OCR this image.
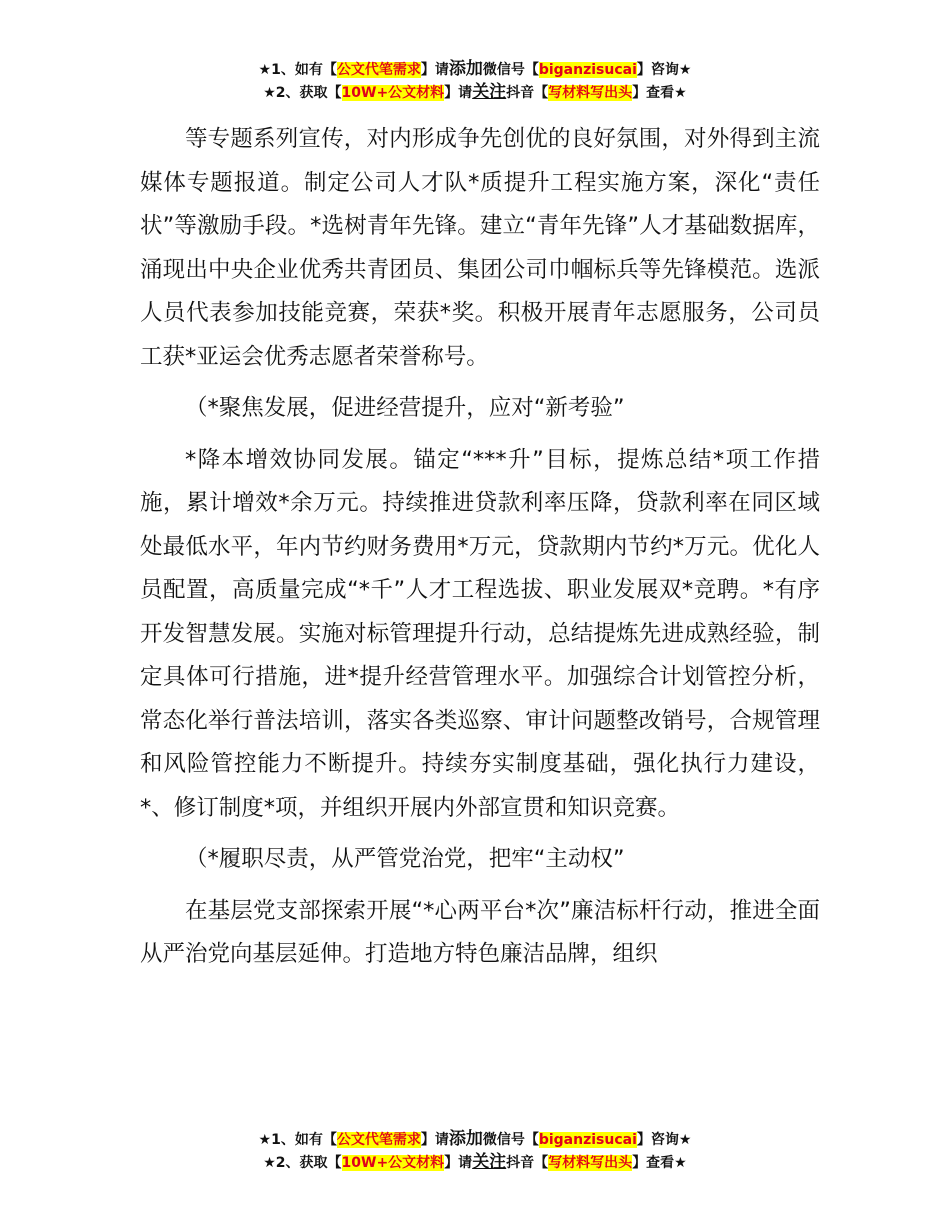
★1、如有【公文代笔需求】请添加微信号【biganzisucai】咨询★
★2、获取【10W+公文材料】请关注抖音【写材料写出头】查看★

等专题系列宣传，对内形成争先创优的良好氛围，对外得到主流媒体专题报道。制定公司人才队*质提升工程实施方案，深化“责任状”等激励手段。*选树青年先锋。建立“青年先锋”人才基础数据库，涌现出中央企业优秀共青团员、集团公司巾帼标兵等先锋模范。选派人员代表参加技能竞赛，荣获*奖。积极开展青年志愿服务，公司员工获*亚运会优秀志愿者荣誉称号。

（*聚焦发展，促进经营提升，应对“新考验”

*降本增效协同发展。锚定“***升”目标，提炼总结*项工作措施，累计增效*余万元。持续推进贷款利率压降，贷款利率在同区域处最低水平，年内节约财务费用*万元，贷款期内节约*万元。优化人员配置，高质量完成“*千”人才工程选拔、职业发展双*竞聘。*有序开发智慧发展。实施对标管理提升行动，总结提炼先进成熟经验，制定具体可行措施，进*提升经营管理水平。加强综合计划管控分析，常态化举行普法培训，落实各类巡察、审计问题整改销号，合规管理和风险管控能力不断提升。持续夯实制度基础，强化执行力建设，*、修订制度*项，并组织开展内外部宣贯和知识竞赛。

（*履职尽责，从严管党治党，把牢“主动权”

在基层党支部探索开展“*心两平台*次”廉洁标杆行动，推进全面从严治党向基层延伸。打造地方特色廉洁品牌，组织

★1、如有【公文代笔需求】请添加微信号【biganzisucai】咨询★
★2、获取【10W+公文材料】请关注抖音【写材料写出头】查看★
